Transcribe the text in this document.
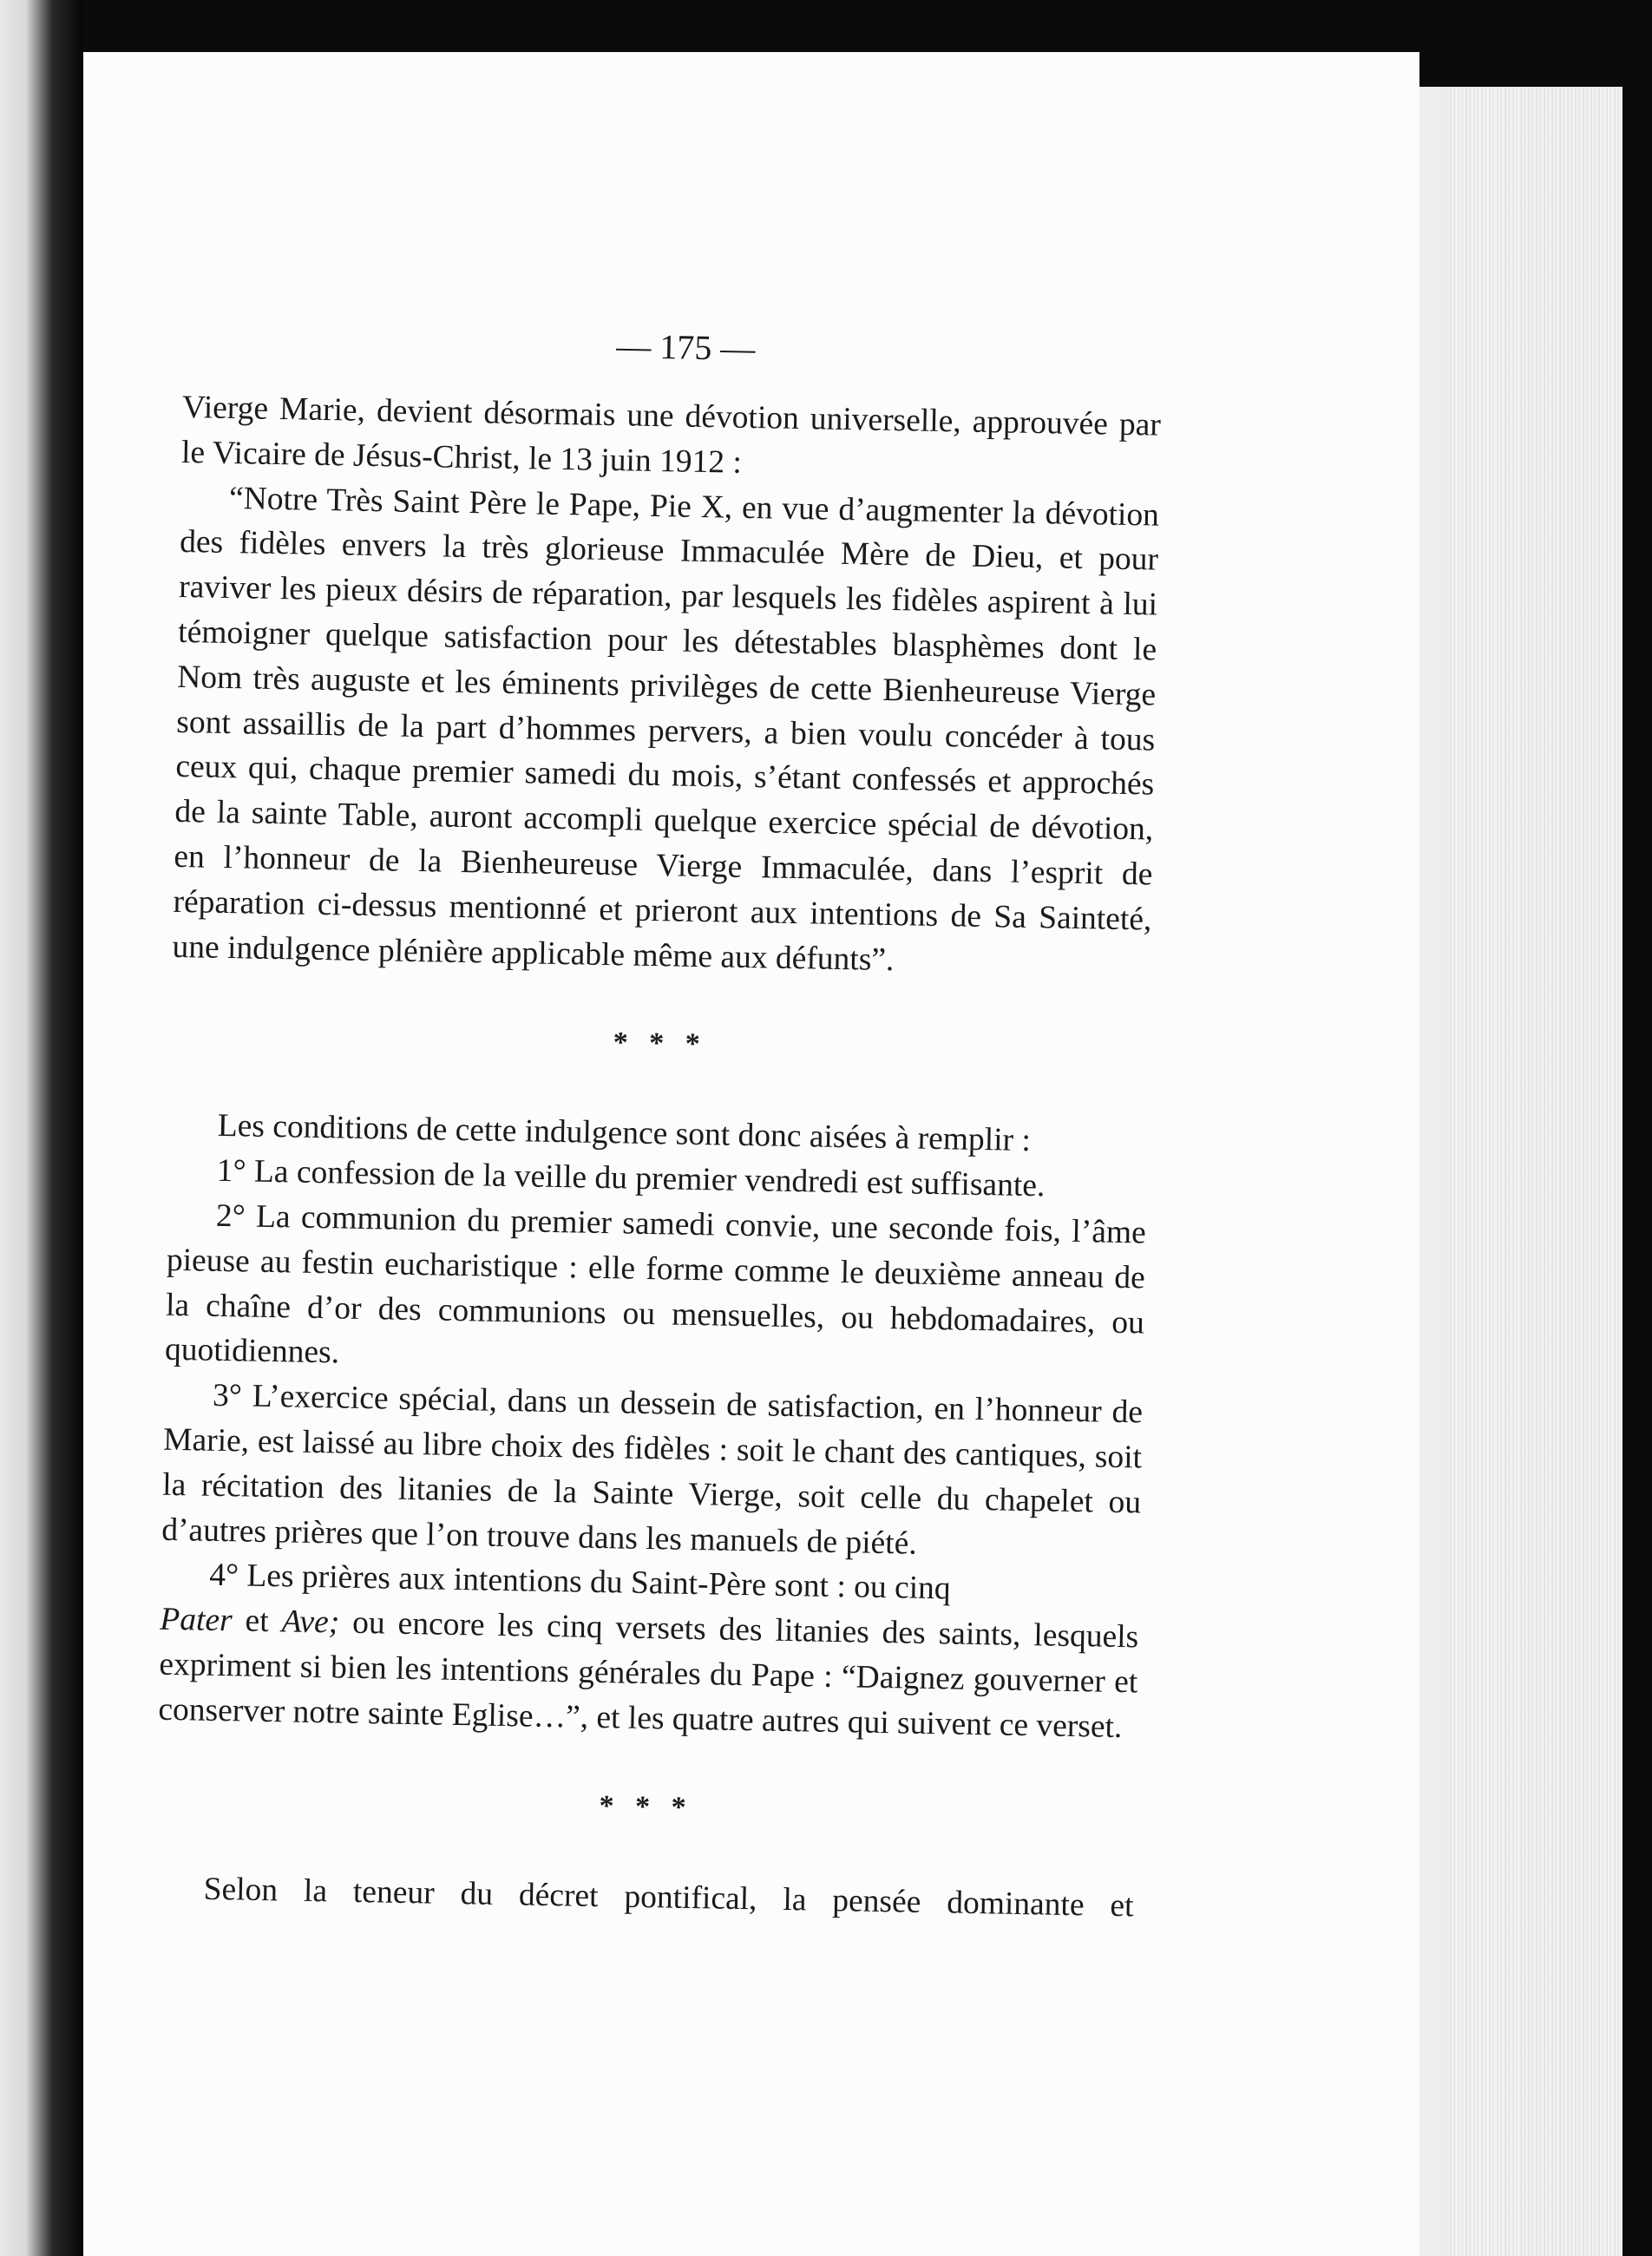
— 175 —

Vierge Marie, devient désormais une dévotion universelle, approuvée par le Vicaire de Jésus-Christ, le 13 juin 1912 :

“Notre Très Saint Père le Pape, Pie X, en vue d’augmenter la dévotion des fidèles envers la très glorieuse Immaculée Mère de Dieu, et pour raviver les pieux désirs de réparation, par lesquels les fidèles aspirent à lui témoigner quelque satisfaction pour les détestables blasphèmes dont le Nom très auguste et les éminents privilèges de cette Bienheureuse Vierge sont assaillis de la part d’hommes pervers, a bien voulu concéder à tous ceux qui, chaque premier samedi du mois, s’étant confessés et approchés de la sainte Table, auront accompli quelque exercice spécial de dévotion, en l’honneur de la Bienheureuse Vierge Immaculée, dans l’esprit de réparation ci-dessus mentionné et prieront aux intentions de Sa Sainteté, une indulgence plénière applicable même aux défunts”.

* * *

Les conditions de cette indulgence sont donc aisées à remplir :

1° La confession de la veille du premier vendredi est suffisante.

2° La communion du premier samedi convie, une seconde fois, l’âme pieuse au festin eucharistique : elle forme comme le deuxième anneau de la chaîne d’or des communions ou mensuelles, ou hebdomadaires, ou quotidiennes.

3° L’exercice spécial, dans un dessein de satisfaction, en l’honneur de Marie, est laissé au libre choix des fidèles : soit le chant des cantiques, soit la récitation des litanies de la Sainte Vierge, soit celle du chapelet ou d’autres prières que l’on trouve dans les manuels de piété.

4° Les prières aux intentions du Saint-Père sont : ou cinq
Pater et Ave; ou encore les cinq versets des litanies des saints, lesquels expriment si bien les intentions générales du Pape : “Daignez gouverner et conserver notre sainte Eglise…”, et les quatre autres qui suivent ce verset.

* * *

Selon la teneur du décret pontifical, la pensée dominante et
